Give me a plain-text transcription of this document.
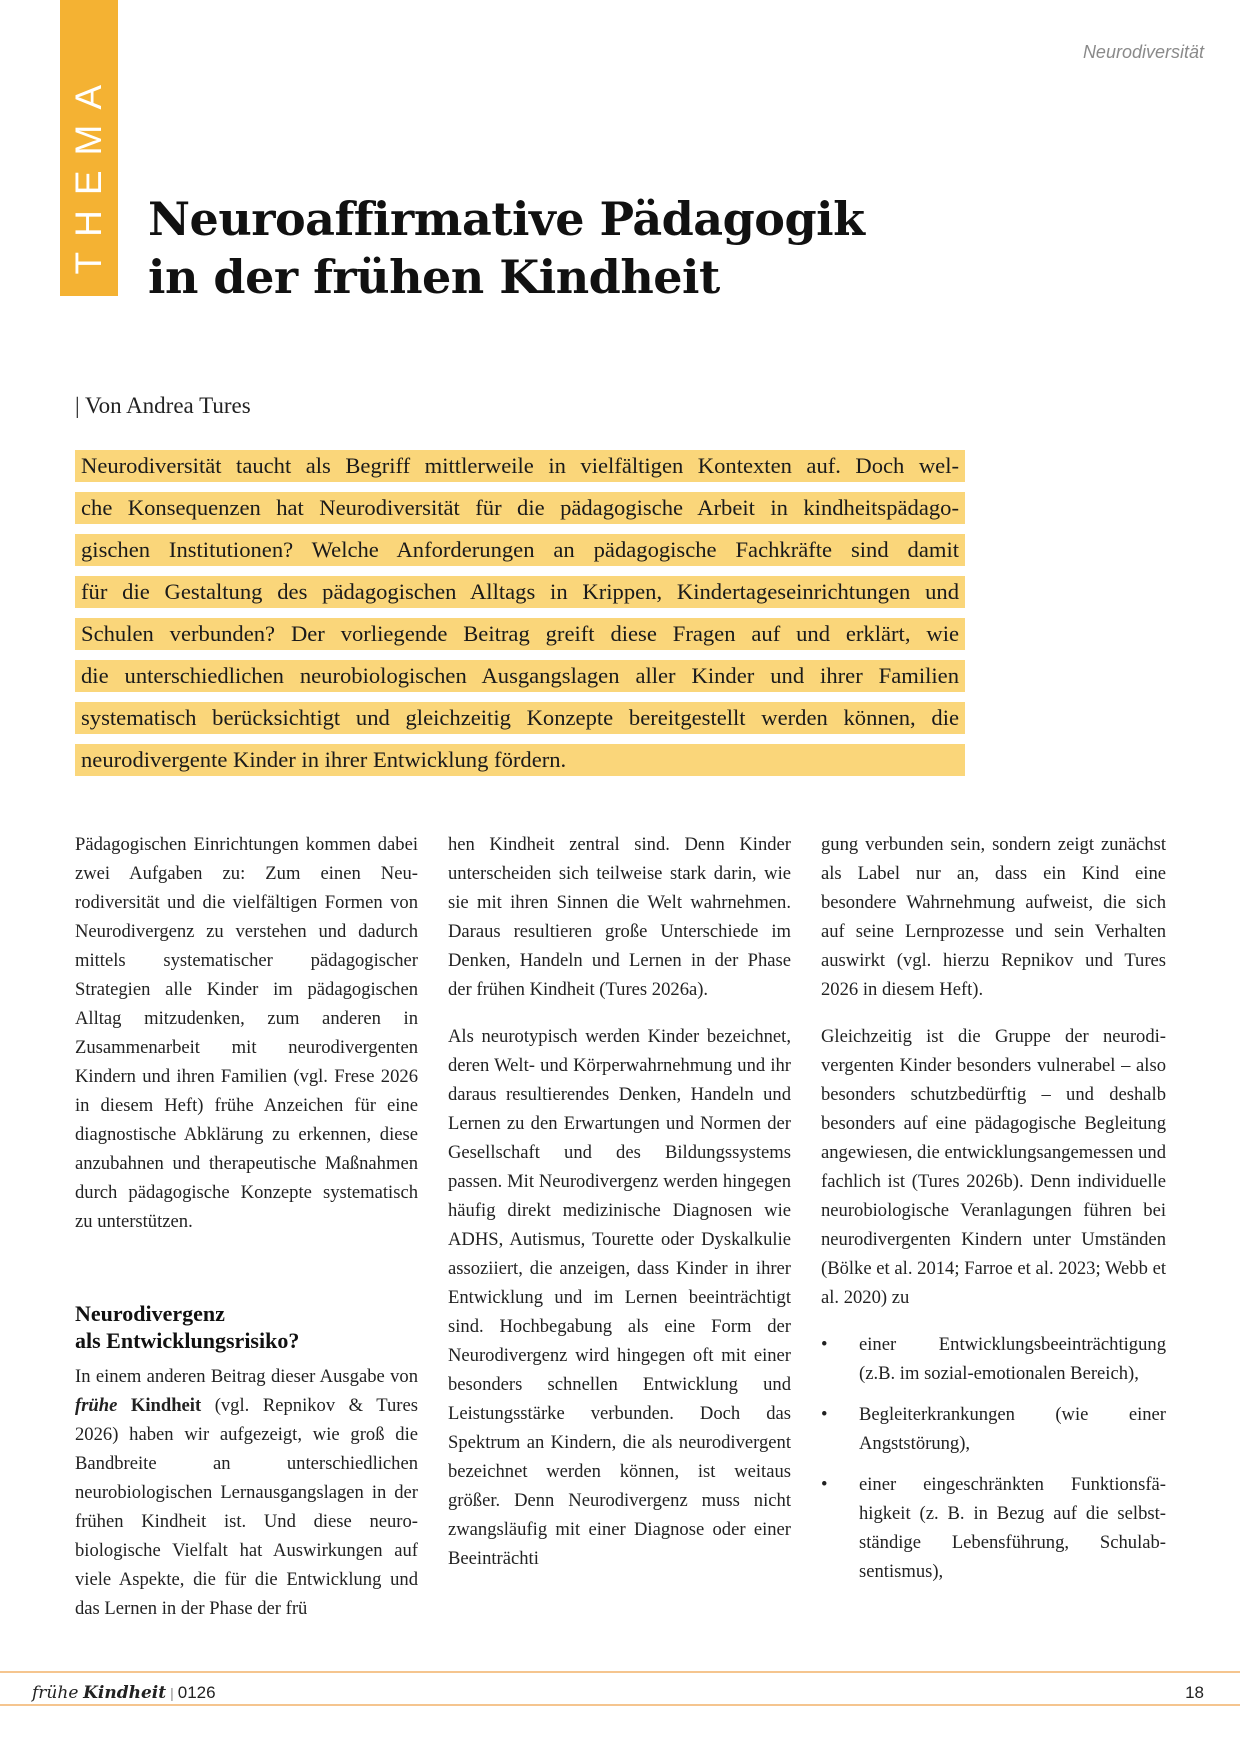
THEMA
Neurodiversität
Neuroaffirmative Pädagogik
in der frühen Kindheit
| Von Andrea Tures
Neurodiversität taucht als Begriff mittlerweile in vielfältigen Kontexten auf. Doch wel-
che Konsequenzen hat Neurodiversität für die pädagogische Arbeit in kindheitspädago-
gischen Institutionen? Welche Anforderungen an pädagogische Fachkräfte sind damit
für die Gestaltung des pädagogischen Alltags in Krippen, Kindertageseinrichtungen und
Schulen verbunden? Der vorliegende Beitrag greift diese Fragen auf und erklärt, wie
die unterschiedlichen neurobiologischen Ausgangslagen aller Kinder und ihrer Familien
systematisch berücksichtigt und gleichzeitig Konzepte bereitgestellt werden können, die
neurodivergente Kinder in ihrer Entwicklung fördern.

Pädagogischen Einrichtungen kommen dabei zwei Aufgaben zu: Zum einen Neurodiversität und die vielfältigen Formen von Neurodivergenz zu verstehen und dadurch mittels systematischer pädagogischer Strategien alle Kinder im pädagogischen Alltag mitzudenken, zum anderen in Zusammenarbeit mit neurodivergenten Kindern und ihren Familien (vgl. Frese 2026 in diesem Heft) frühe Anzeichen für eine diagnostische Abklärung zu erkennen, diese anzubahnen und therapeutische Maßnahmen durch pädagogische Konzepte systematisch zu unterstützen.

Neurodivergenz
als Entwicklungsrisiko?

In einem anderen Beitrag dieser Ausgabe von frühe Kindheit (vgl. Repnikov & Tures 2026) haben wir aufgezeigt, wie groß die Bandbreite an unterschiedlichen neurobiologischen Lernausgangslagen in der frühen Kindheit ist. Und diese neurobiologische Vielfalt hat Auswirkungen auf viele Aspekte, die für die Entwicklung und das Lernen in der Phase der frü

hen Kindheit zentral sind. Denn Kinder unterscheiden sich teilweise stark darin, wie sie mit ihren Sinnen die Welt wahrnehmen. Daraus resultieren große Unterschiede im Denken, Handeln und Lernen in der Phase der frühen Kindheit (Tures 2026a).

Als neurotypisch werden Kinder bezeichnet, deren Welt- und Körperwahrnehmung und ihr daraus resultierendes Denken, Handeln und Lernen zu den Erwartungen und Normen der Gesellschaft und des Bildungssystems passen. Mit Neurodivergenz werden hingegen häufig direkt medizinische Diagnosen wie ADHS, Autismus, Tourette oder Dyskalkulie assoziiert, die anzeigen, dass Kinder in ihrer Entwicklung und im Lernen beeinträchtigt sind. Hochbegabung als eine Form der Neurodivergenz wird hingegen oft mit einer besonders schnellen Entwicklung und Leistungsstärke verbunden. Doch das Spektrum an Kindern, die als neurodivergent bezeichnet werden können, ist weitaus größer. Denn Neurodivergenz muss nicht zwangsläufig mit einer Diagnose oder einer Beeinträchti

gung verbunden sein, sondern zeigt zunächst als Label nur an, dass ein Kind eine besondere Wahrnehmung aufweist, die sich auf seine Lernprozesse und sein Verhalten auswirkt (vgl. hierzu Repnikov und Tures 2026 in diesem Heft).

Gleichzeitig ist die Gruppe der neurodivergenten Kinder besonders vulnerabel – also besonders schutzbedürftig – und deshalb besonders auf eine pädagogische Begleitung angewiesen, die entwicklungsangemessen und fachlich ist (Tures 2026b). Denn individuelle neurobiologische Veranlagungen führen bei neurodivergenten Kindern unter Umständen (Bölke et al. 2014; Farroe et al. 2023; Webb et al. 2020) zu

• einer Entwicklungsbeeinträchtigung (z.B. im sozial-emotionalen Bereich),
• Begleiterkrankungen (wie einer Angststörung),
• einer eingeschränkten Funktionsfähigkeit (z. B. in Bezug auf die selbstständige Lebensführung, Schulabsentismus),
frühe Kindheit | 0126	18
